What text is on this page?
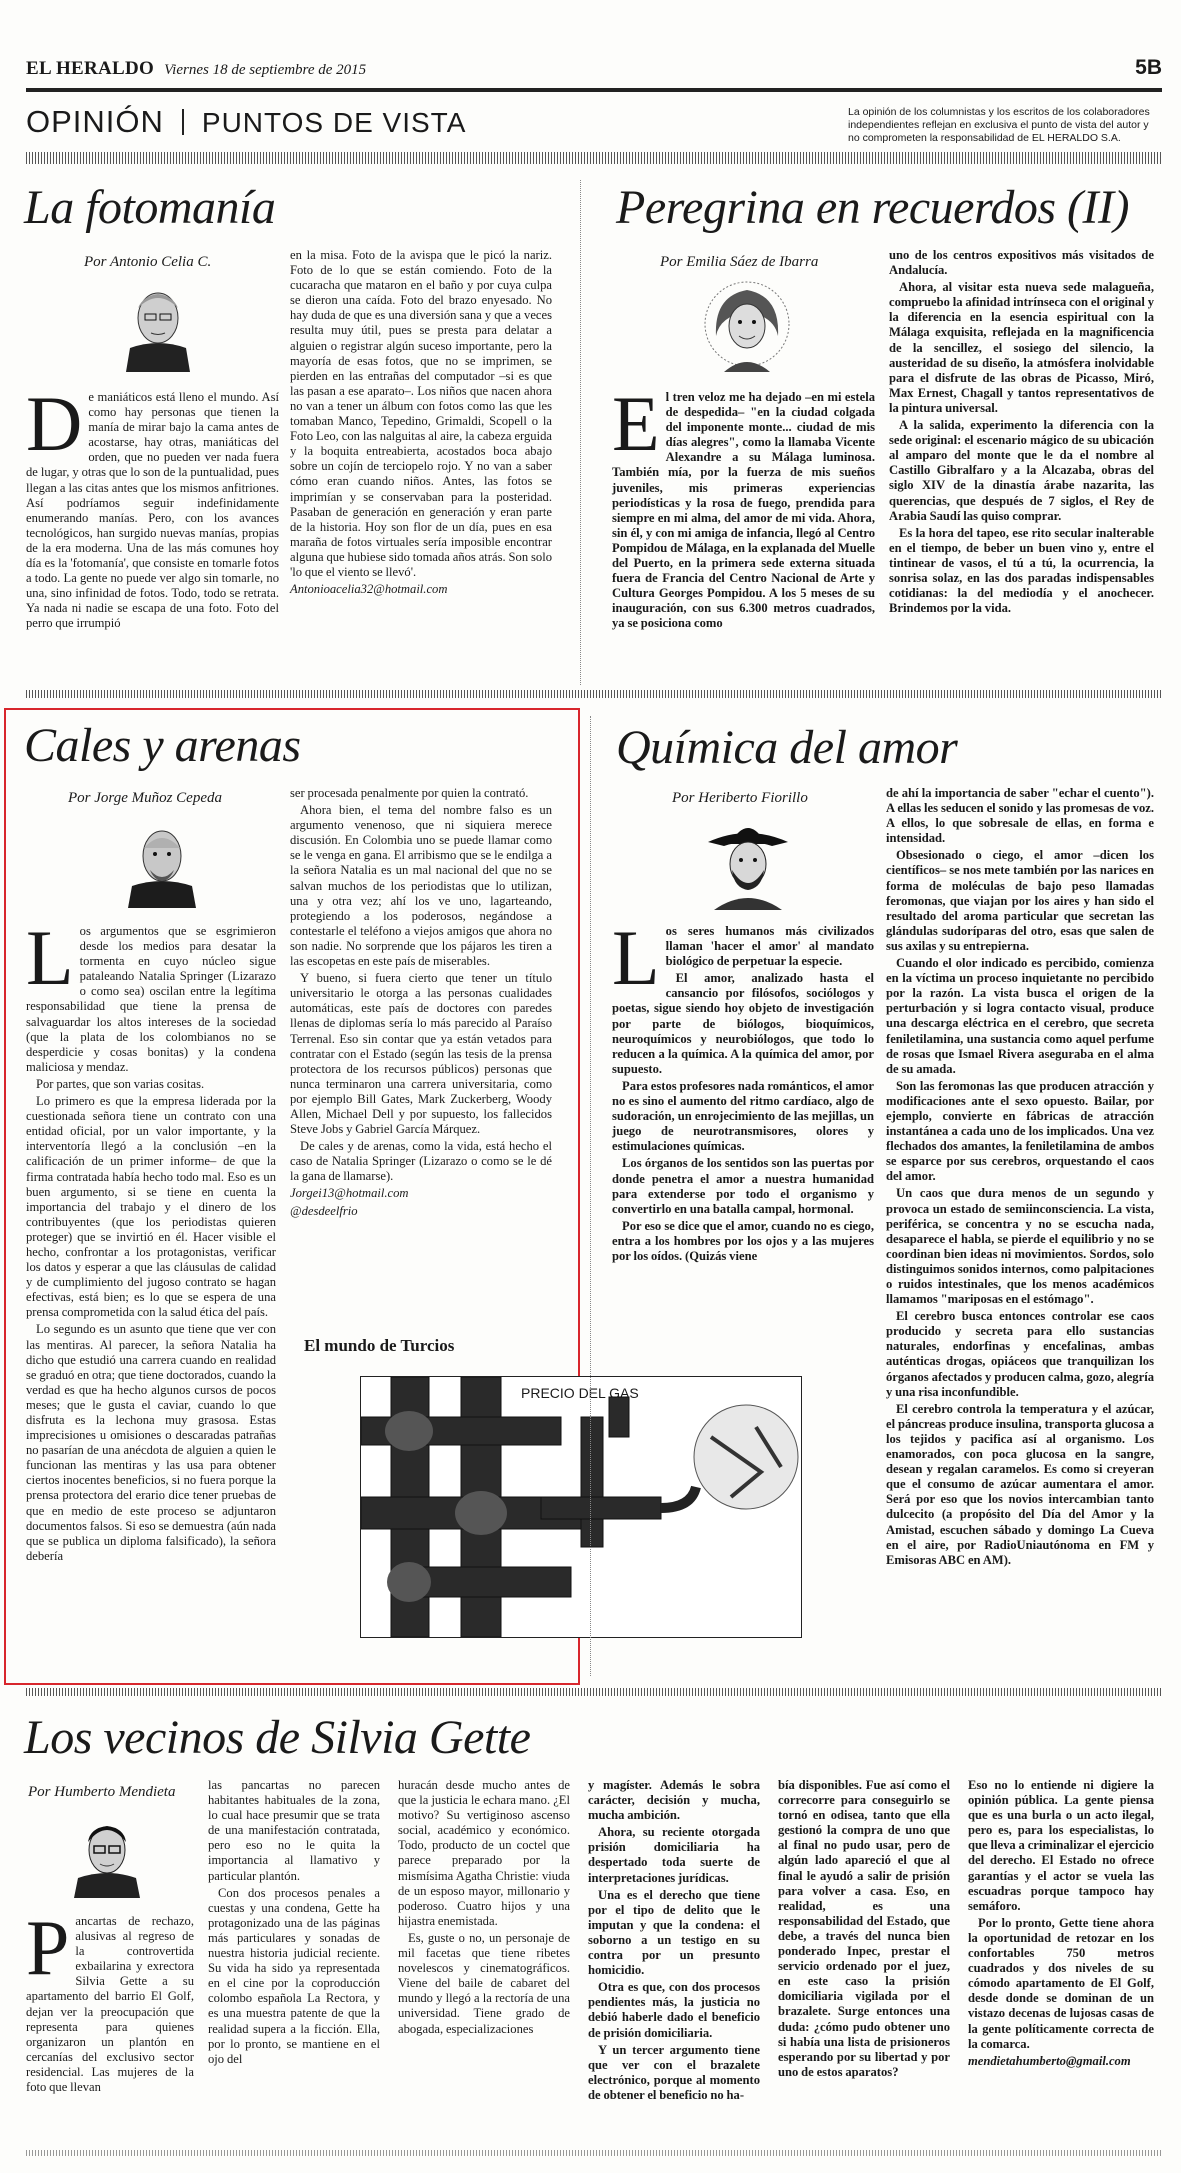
EL HERALDO Viernes 18 de septiembre de 2015	5B
OPINIÓN PUNTOS DE VISTA	La opinión de los columnistas y los escritos de los colaboradores independientes reflejan en exclusiva el punto de vista del autor y no comprometen la responsabilidad de EL HERALDO S.A.
La fotomanía
Por Antonio Celia C.

De maniáticos está lleno el mundo. Así como hay personas que tienen la manía de mirar bajo la cama antes de acostarse, hay otras, maniáticas del orden, que no pueden ver nada fuera de lugar, y otras que lo son de la puntualidad, pues llegan a las citas antes que los mismos anfitriones. Así podríamos seguir indefinidamente enumerando manías. Pero, con los avances tecnológicos, han surgido nuevas manías, propias de la era moderna. Una de las más comunes hoy día es la 'fotomanía', que consiste en tomarle fotos a todo. La gente no puede ver algo sin tomarle, no una, sino infinidad de fotos. Todo, todo se retrata. Ya nada ni nadie se escapa de una foto. Foto del perro que irrumpió

en la misa. Foto de la avispa que le picó la nariz. Foto de lo que se están comiendo. Foto de la cucaracha que mataron en el baño y por cuya culpa se dieron una caída. Foto del brazo enyesado. No hay duda de que es una diversión sana y que a veces resulta muy útil, pues se presta para delatar a alguien o registrar algún suceso importante, pero la mayoría de esas fotos, que no se imprimen, se pierden en las entrañas del computador –si es que las pasan a ese aparato–. Los niños que nacen ahora no van a tener un álbum con fotos como las que les tomaban Manco, Tepedino, Grimaldi, Scopell o la Foto Leo, con las nalguitas al aire, la cabeza erguida y la boquita entreabierta, acostados boca abajo sobre un cojín de terciopelo rojo. Y no van a saber cómo eran cuando niños. Antes, las fotos se imprimían y se conservaban para la posteridad. Pasaban de generación en generación y eran parte de la historia. Hoy son flor de un día, pues en esa maraña de fotos virtuales sería imposible encontrar alguna que hubiese sido tomada años atrás. Son solo 'lo que el viento se llevó'.

Antonioacelia32@hotmail.com

Peregrina en recuerdos (II)
Por Emilia Sáez de Ibarra

El tren veloz me ha dejado –en mi estela de despedida– "en la ciudad colgada del imponente monte... ciudad de mis días alegres", como la llamaba Vicente Alexandre a su Málaga luminosa. También mía, por la fuerza de mis sueños juveniles, mis primeras experiencias periodísticas y la rosa de fuego, prendida para siempre en mi alma, del amor de mi vida. Ahora, sin él, y con mi amiga de infancia, llegó al Centro Pompidou de Málaga, en la explanada del Muelle del Puerto, en la primera sede externa situada fuera de Francia del Centro Nacional de Arte y Cultura Georges Pompidou. A los 5 meses de su inauguración, con sus 6.300 metros cuadrados, ya se posiciona como

uno de los centros expositivos más visitados de Andalucía.

Ahora, al visitar esta nueva sede malagueña, compruebo la afinidad intrínseca con el original y la diferencia en la esencia espiritual con la Málaga exquisita, reflejada en la magnificencia de la sencillez, el sosiego del silencio, la austeridad de su diseño, la atmósfera inolvidable para el disfrute de las obras de Picasso, Miró, Max Ernest, Chagall y tantos representativos de la pintura universal.

A la salida, experimento la diferencia con la sede original: el escenario mágico de su ubicación al amparo del monte que le da el nombre al Castillo Gibralfaro y a la Alcazaba, obras del siglo XIV de la dinastía árabe nazarita, las querencias, que después de 7 siglos, el Rey de Arabia Saudí las quiso comprar.

Es la hora del tapeo, ese rito secular inalterable en el tiempo, de beber un buen vino y, entre el tintinear de vasos, el tú a tú, la ocurrencia, la sonrisa solaz, en las dos paradas indispensables cotidianas: la del mediodía y el anochecer. Brindemos por la vida.

Cales y arenas
Por Jorge Muñoz Cepeda

Los argumentos que se esgrimieron desde los medios para desatar la tormenta en cuyo núcleo sigue pataleando Natalia Springer (Lizarazo o como sea) oscilan entre la legítima responsabilidad que tiene la prensa de salvaguardar los altos intereses de la sociedad (que la plata de los colombianos no se desperdicie y cosas bonitas) y la condena maliciosa y mendaz.

Por partes, que son varias cositas.

Lo primero es que la empresa liderada por la cuestionada señora tiene un contrato con una entidad oficial, por un valor importante, y la interventoría llegó a la conclusión –en la calificación de un primer informe– de que la firma contratada había hecho todo mal. Eso es un buen argumento, si se tiene en cuenta la importancia del trabajo y el dinero de los contribuyentes (que los periodistas quieren proteger) que se invirtió en él. Hacer visible el hecho, confrontar a los protagonistas, verificar los datos y esperar a que las cláusulas de calidad y de cumplimiento del jugoso contrato se hagan efectivas, está bien; es lo que se espera de una prensa comprometida con la salud ética del país.

Lo segundo es un asunto que tiene que ver con las mentiras. Al parecer, la señora Natalia ha dicho que estudió una carrera cuando en realidad se graduó en otra; que tiene doctorados, cuando la verdad es que ha hecho algunos cursos de pocos meses; que le gusta el caviar, cuando lo que disfruta es la lechona muy grasosa. Estas imprecisiones u omisiones o descaradas patrañas no pasarían de una anécdota de alguien a quien le funcionan las mentiras y las usa para obtener ciertos inocentes beneficios, si no fuera porque la prensa protectora del erario dice tener pruebas de que en medio de este proceso se adjuntaron documentos falsos. Si eso se demuestra (aún nada que se publica un diploma falsificado), la señora debería

ser procesada penalmente por quien la contrató.

Ahora bien, el tema del nombre falso es un argumento venenoso, que ni siquiera merece discusión. En Colombia uno se puede llamar como se le venga en gana. El arribismo que se le endilga a la señora Natalia es un mal nacional del que no se salvan muchos de los periodistas que lo utilizan, una y otra vez; ahí los ve uno, lagarteando, protegiendo a los poderosos, negándose a contestarle el teléfono a viejos amigos que ahora no son nadie. No sorprende que los pájaros les tiren a las escopetas en este país de miserables.

Y bueno, si fuera cierto que tener un título universitario le otorga a las personas cualidades automáticas, este país de doctores con paredes llenas de diplomas sería lo más parecido al Paraíso Terrenal. Eso sin contar que ya están vetados para contratar con el Estado (según las tesis de la prensa protectora de los recursos públicos) personas que nunca terminaron una carrera universitaria, como por ejemplo Bill Gates, Mark Zuckerberg, Woody Allen, Michael Dell y por supuesto, los fallecidos Steve Jobs y Gabriel García Márquez.

De cales y de arenas, como la vida, está hecho el caso de Natalia Springer (Lizarazo o como se le dé la gana de llamarse).

Jorgei13@hotmail.com

@desdeelfrio

El mundo de Turcios
PRECIO DEL GAS
Química del amor
Por Heriberto Fiorillo

Los seres humanos más civilizados llaman 'hacer el amor' al mandato biológico de perpetuar la especie.

El amor, analizado hasta el cansancio por filósofos, sociólogos y poetas, sigue siendo hoy objeto de investigación por parte de biólogos, bioquímicos, neuroquímicos y neurobiólogos, que todo lo reducen a la química. A la química del amor, por supuesto.

Para estos profesores nada románticos, el amor no es sino el aumento del ritmo cardíaco, algo de sudoración, un enrojecimiento de las mejillas, un juego de neurotransmisores, olores y estimulaciones químicas.

Los órganos de los sentidos son las puertas por donde penetra el amor a nuestra humanidad para extenderse por todo el organismo y convertirlo en una batalla campal, hormonal.

Por eso se dice que el amor, cuando no es ciego, entra a los hombres por los ojos y a las mujeres por los oídos. (Quizás viene

de ahí la importancia de saber "echar el cuento"). A ellas les seducen el sonido y las promesas de voz. A ellos, lo que sobresale de ellas, en forma e intensidad.

Obsesionado o ciego, el amor –dicen los científicos– se nos mete también por las narices en forma de moléculas de bajo peso llamadas feromonas, que viajan por los aires y han sido el resultado del aroma particular que secretan las glándulas sudoríparas del otro, esas que salen de sus axilas y su entrepierna.

Cuando el olor indicado es percibido, comienza en la víctima un proceso inquietante no percibido por la razón. La vista busca el origen de la perturbación y si logra contacto visual, produce una descarga eléctrica en el cerebro, que secreta feniletilamina, una sustancia como aquel perfume de rosas que Ismael Rivera aseguraba en el alma de su amada.

Son las feromonas las que producen atracción y modificaciones ante el sexo opuesto. Bailar, por ejemplo, convierte en fábricas de atracción instantánea a cada uno de los implicados. Una vez flechados dos amantes, la feniletilamina de ambos se esparce por sus cerebros, orquestando el caos del amor.

Un caos que dura menos de un segundo y provoca un estado de semiinconsciencia. La vista, periférica, se concentra y no se escucha nada, desaparece el habla, se pierde el equilibrio y no se coordinan bien ideas ni movimientos. Sordos, solo distinguimos sonidos internos, como palpitaciones o ruidos intestinales, que los menos académicos llamamos "mariposas en el estómago".

El cerebro busca entonces controlar ese caos producido y secreta para ello sustancias naturales, endorfinas y encefalinas, ambas auténticas drogas, opiáceos que tranquilizan los órganos afectados y producen calma, gozo, alegría y una risa inconfundible.

El cerebro controla la temperatura y el azúcar, el páncreas produce insulina, transporta glucosa a los tejidos y pacifica así al organismo. Los enamorados, con poca glucosa en la sangre, desean y regalan caramelos. Es como si creyeran que el consumo de azúcar aumentara el amor. Será por eso que los novios intercambian tanto dulcecito (a propósito del Día del Amor y la Amistad, escuchen sábado y domingo La Cueva en el aire, por RadioUniautónoma en FM y Emisoras ABC en AM).

Los vecinos de Silvia Gette
Por Humberto Mendieta

Pancartas de rechazo, alusivas al regreso de la controvertida exbailarina y exrectora Silvia Gette a su apartamento del barrio El Golf, dejan ver la preocupación que representa para quienes organizaron un plantón en cercanías del exclusivo sector residencial. Las mujeres de la foto que llevan

las pancartas no parecen habitantes habituales de la zona, lo cual hace presumir que se trata de una manifestación contratada, pero eso no le quita la importancia al llamativo y particular plantón.

Con dos procesos penales a cuestas y una condena, Gette ha protagonizado una de las páginas más particulares y sonadas de nuestra historia judicial reciente. Su vida ha sido ya representada en el cine por la coproducción colombo española La Rectora, y es una muestra patente de que la realidad supera a la ficción. Ella, por lo pronto, se mantiene en el ojo del

huracán desde mucho antes de que la justicia le echara mano. ¿El motivo? Su vertiginoso ascenso social, académico y económico. Todo, producto de un coctel que parece preparado por la mismísima Agatha Christie: viuda de un esposo mayor, millonario y poderoso. Cuatro hijos y una hijastra enemistada.

Es, guste o no, un personaje de mil facetas que tiene ribetes novelescos y cinematográficos. Viene del baile de cabaret del mundo y llegó a la rectoría de una universidad. Tiene grado de abogada, especializaciones

y magíster. Además le sobra carácter, decisión y mucha, mucha ambición.

Ahora, su reciente otorgada prisión domiciliaria ha despertado toda suerte de interpretaciones jurídicas.

Una es el derecho que tiene por el tipo de delito que le imputan y que la condena: el soborno a un testigo en su contra por un presunto homicidio.

Otra es que, con dos procesos pendientes más, la justicia no debió haberle dado el beneficio de prisión domiciliaria.

Y un tercer argumento tiene que ver con el brazalete electrónico, porque al momento de obtener el beneficio no ha-

bía disponibles. Fue así como el correcorre para conseguirlo se tornó en odisea, tanto que ella gestionó la compra de uno que al final no pudo usar, pero de algún lado apareció el que al final le ayudó a salir de prisión para volver a casa. Eso, en realidad, es una responsabilidad del Estado, que debe, a través del nunca bien ponderado Inpec, prestar el servicio ordenado por el juez, en este caso la prisión domiciliaria vigilada por el brazalete. Surge entonces una duda: ¿cómo pudo obtener uno si había una lista de prisioneros esperando por su libertad y por uno de estos aparatos?

Eso no lo entiende ni digiere la opinión pública. La gente piensa que es una burla o un acto ilegal, pero es, para los especialistas, lo que lleva a criminalizar el ejercicio del derecho. El Estado no ofrece garantías y el actor se vuela las escuadras porque tampoco hay semáforo.

Por lo pronto, Gette tiene ahora la oportunidad de retozar en los confortables 750 metros cuadrados y dos niveles de su cómodo apartamento de El Golf, desde donde se dominan de un vistazo decenas de lujosas casas de la gente políticamente correcta de la comarca.

mendietahumberto@gmail.com
